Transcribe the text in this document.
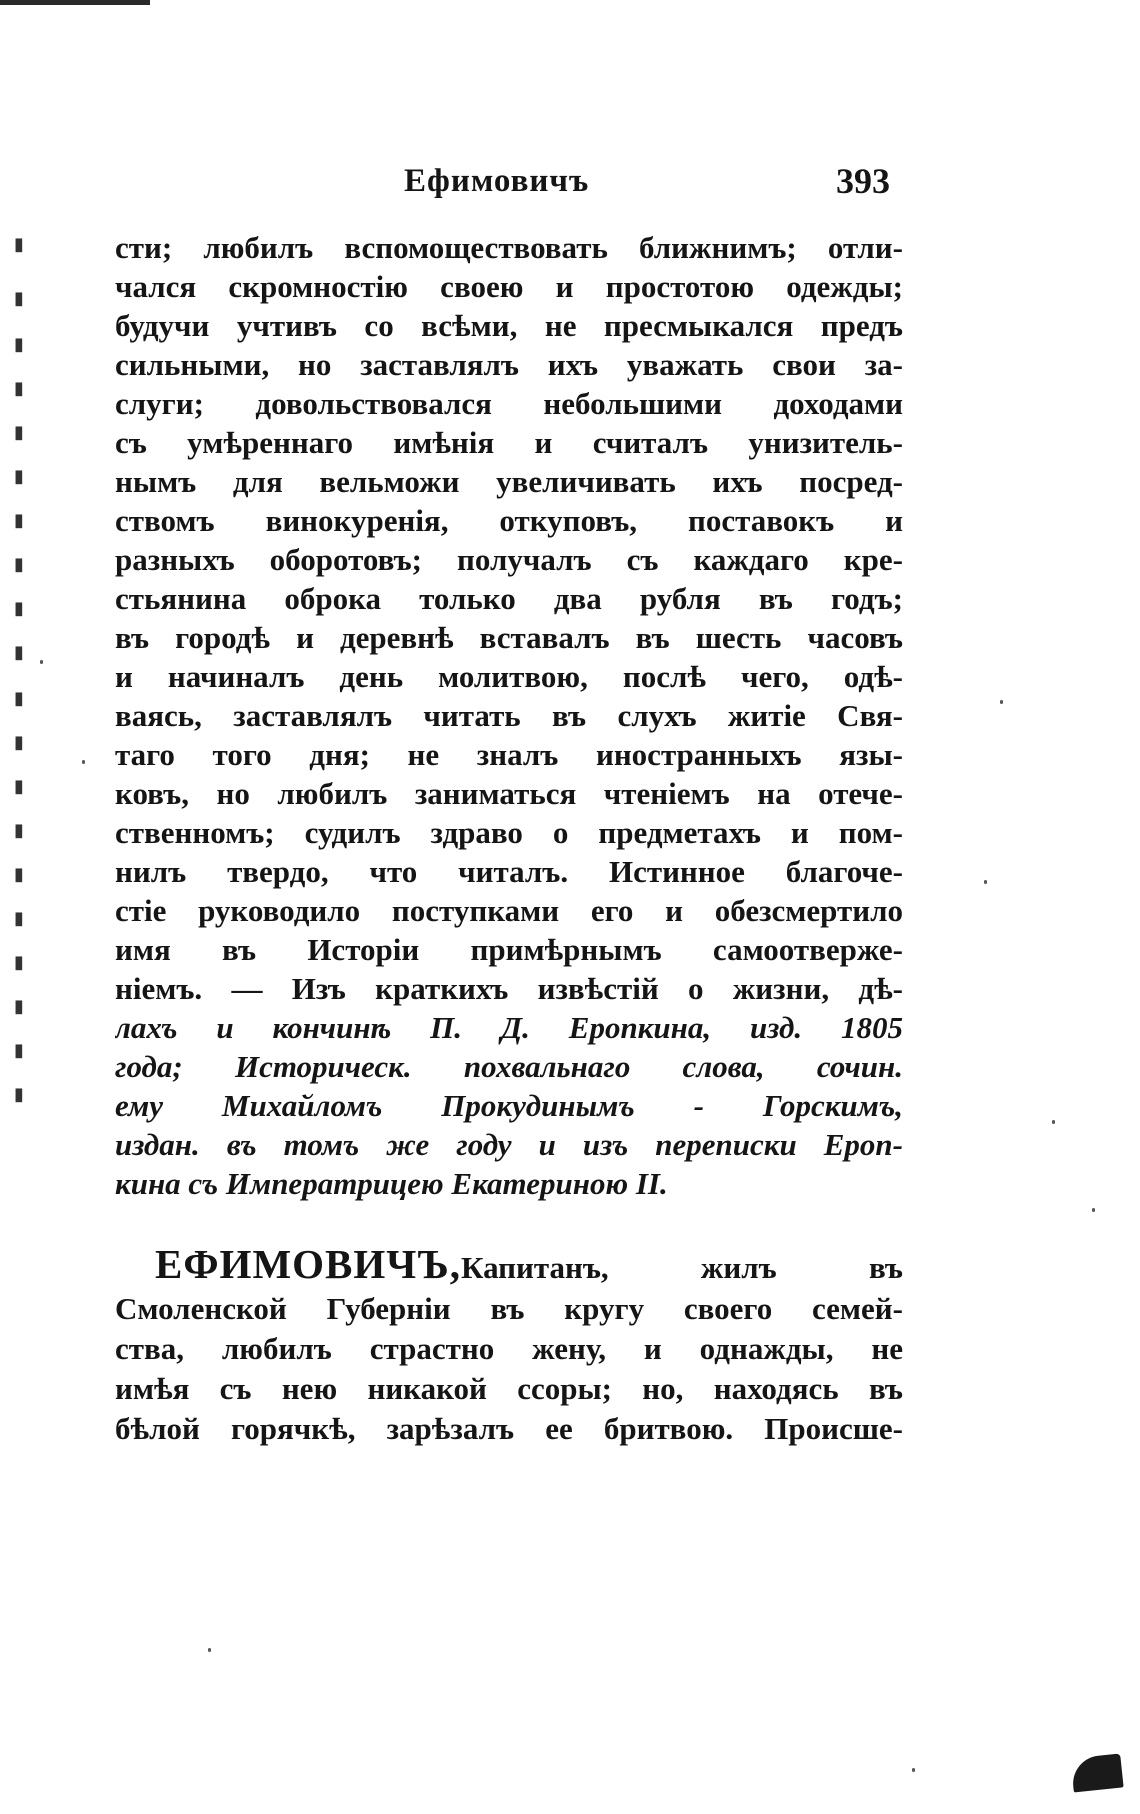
Ефимовичъ	393
сти; любилъ вспомоществовать ближнимъ; отли-
чался скромностію своею и простотою одежды;
будучи учтивъ со всѣми, не пресмыкался предъ
сильными, но заставлялъ ихъ уважать свои за-
слуги; довольствовался небольшими доходами
съ умѣреннаго имѣнія и считалъ унизитель-
нымъ для вельможи увеличивать ихъ посред-
ствомъ винокуренія, откуповъ, поставокъ и
разныхъ оборотовъ; получалъ съ каждаго кре-
стьянина оброка только два рубля въ годъ;
въ городѣ и деревнѣ вставалъ въ шесть часовъ
и начиналъ день молитвою, послѣ чего, одѣ-
ваясь, заставлялъ читать въ слухъ житіе Свя-
таго того дня; не зналъ иностранныхъ язы-
ковъ, но любилъ заниматься чтеніемъ на отече-
ственномъ; судилъ здраво о предметахъ и пом-
нилъ твердо, что читалъ. Истинное благоче-
стіе руководило поступками его и обезсмертило
имя въ Исторіи примѣрнымъ самоотверже-
ніемъ. — Изъ краткихъ извѣстій о жизни, дѣ-
лахъ и кончинѣ П. Д. Еропкина, изд. 1805
года; Историческ. похвальнаго слова, сочин.
ему Михайломъ Прокудинымъ - Горскимъ,
издан. въ томъ же году и изъ переписки Ероп-
кина съ Императрицею Екатериною II.
ЕФИМОВИЧЪ,Капитанъ, жилъ въ
Смоленской Губерніи въ кругу своего семей-
ства, любилъ страстно жену, и однажды, не
имѣя съ нею никакой ссоры; но, находясь въ
бѣлой горячкѣ, зарѣзалъ ее бритвою. Происше-
▮
▮
▮
▮
▮
▮
▮
▮
▮
▮
▮
▮
▮
▮
▮
▮
▮
▮
▮
▮
